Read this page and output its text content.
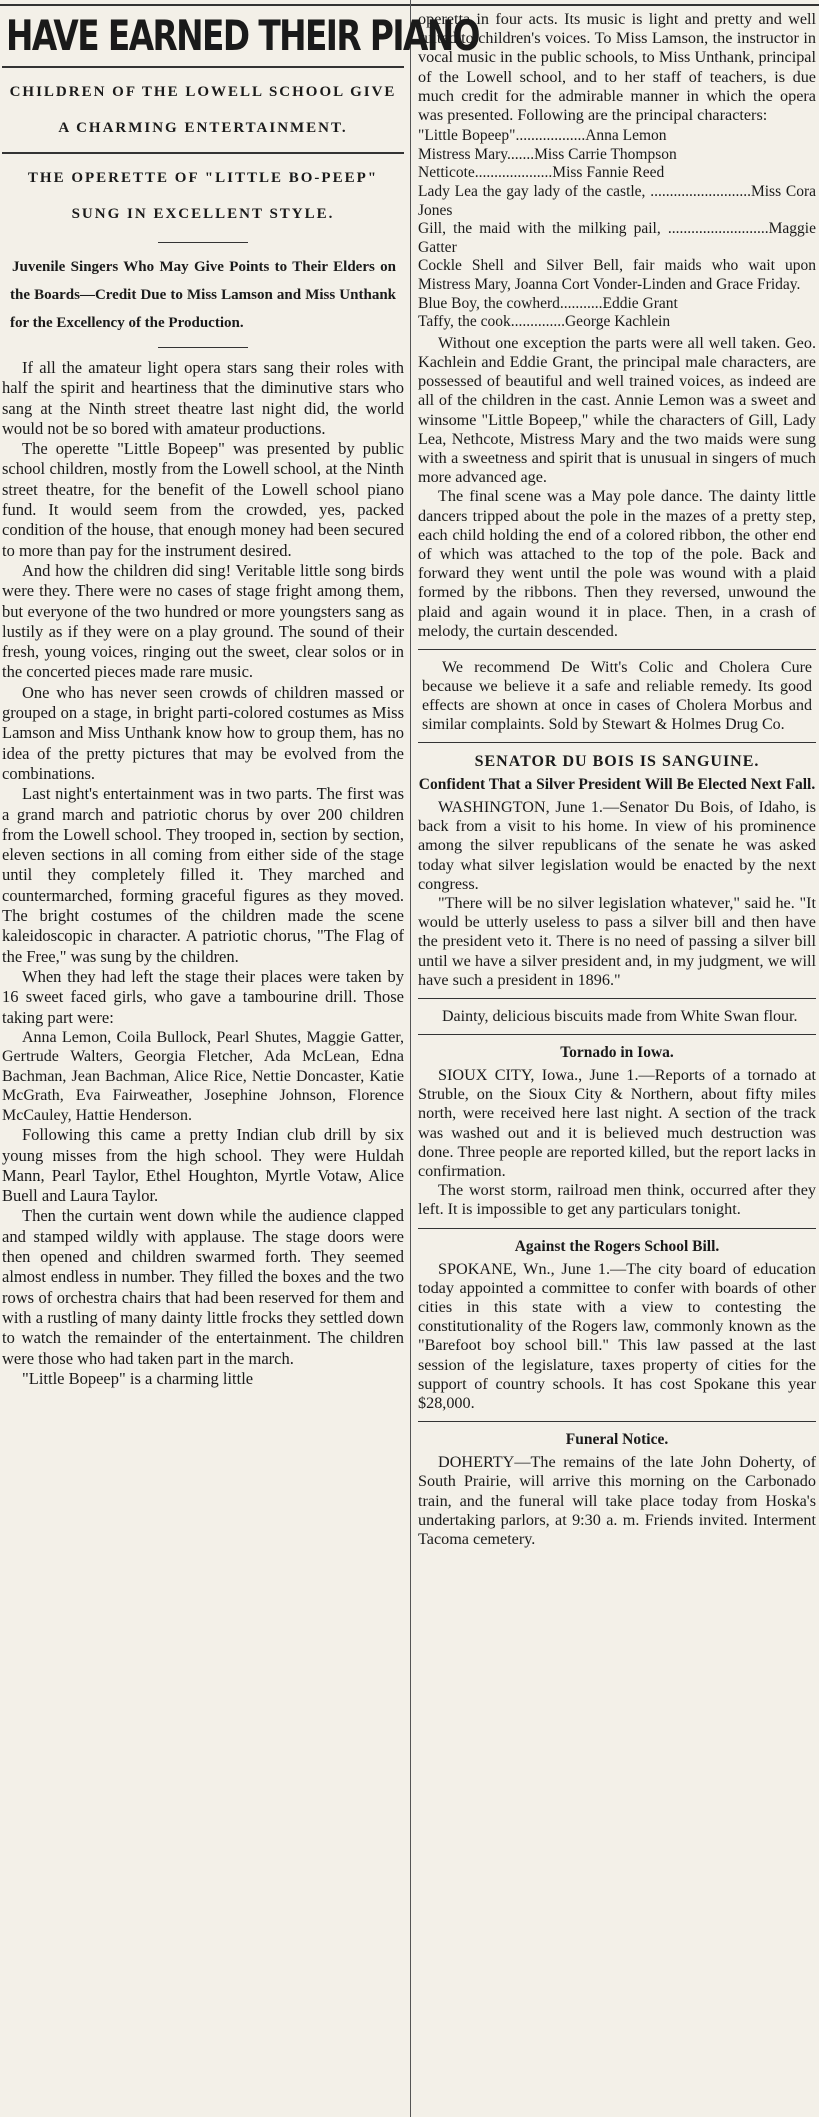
HAVE EARNED THEIR PIANO
CHILDREN OF THE LOWELL SCHOOL GIVE A CHARMING ENTERTAINMENT.
THE OPERETTE OF "LITTLE BO-PEEP" SUNG IN EXCELLENT STYLE.
Juvenile Singers Who May Give Points to Their Elders on the Boards—Credit Due to Miss Lamson and Miss Unthank for the Excellency of the Production.

If all the amateur light opera stars sang their roles with half the spirit and heartiness that the diminutive stars who sang at the Ninth street theatre last night did, the world would not be so bored with amateur productions.

The operette "Little Bopeep" was presented by public school children, mostly from the Lowell school, at the Ninth street theatre, for the benefit of the Lowell school piano fund. It would seem from the crowded, yes, packed condition of the house, that enough money had been secured to more than pay for the instrument desired.

And how the children did sing! Veritable little song birds were they. There were no cases of stage fright among them, but everyone of the two hundred or more youngsters sang as lustily as if they were on a play ground. The sound of their fresh, young voices, ringing out the sweet, clear solos or in the concerted pieces made rare music.

One who has never seen crowds of children massed or grouped on a stage, in bright parti-colored costumes as Miss Lamson and Miss Unthank know how to group them, has no idea of the pretty pictures that may be evolved from the combinations.

Last night's entertainment was in two parts. The first was a grand march and patriotic chorus by over 200 children from the Lowell school. They trooped in, section by section, eleven sections in all coming from either side of the stage until they completely filled it. They marched and countermarched, forming graceful figures as they moved. The bright costumes of the children made the scene kaleidoscopic in character. A patriotic chorus, "The Flag of the Free," was sung by the children.

When they had left the stage their places were taken by 16 sweet faced girls, who gave a tambourine drill. Those taking part were:

Anna Lemon, Coila Bullock, Pearl Shutes, Maggie Gatter, Gertrude Walters, Georgia Fletcher, Ada McLean, Edna Bachman, Jean Bachman, Alice Rice, Nettie Doncaster, Katie McGrath, Eva Fairweather, Josephine Johnson, Florence McCauley, Hattie Henderson.

Following this came a pretty Indian club drill by six young misses from the high school. They were Huldah Mann, Pearl Taylor, Ethel Houghton, Myrtle Votaw, Alice Buell and Laura Taylor.

Then the curtain went down while the audience clapped and stamped wildly with applause. The stage doors were then opened and children swarmed forth. They seemed almost endless in number. They filled the boxes and the two rows of orchestra chairs that had been reserved for them and with a rustling of many dainty little frocks they settled down to watch the remainder of the entertainment. The children were those who had taken part in the march.

"Little Bopeep" is a charming little

operetta in four acts. Its music is light and pretty and well suited to children's voices. To Miss Lamson, the instructor in vocal music in the public schools, to Miss Unthank, principal of the Lowell school, and to her staff of teachers, is due much credit for the admirable manner in which the opera was presented. Following are the principal characters:

"Little Bopeep"..................Anna Lemon
Mistress Mary.......Miss Carrie Thompson
Netticote....................Miss Fannie Reed
Lady Lea the gay lady of the castle, ..........................Miss Cora Jones
Gill, the maid with the milking pail, ..........................Maggie Gatter
Cockle Shell and Silver Bell, fair maids who wait upon Mistress Mary, Joanna Cort Vonder-Linden and Grace Friday.
Blue Boy, the cowherd...........Eddie Grant
Taffy, the cook..............George Kachlein

Without one exception the parts were all well taken. Geo. Kachlein and Eddie Grant, the principal male characters, are possessed of beautiful and well trained voices, as indeed are all of the children in the cast. Annie Lemon was a sweet and winsome "Little Bopeep," while the characters of Gill, Lady Lea, Nethcote, Mistress Mary and the two maids were sung with a sweetness and spirit that is unusual in singers of much more advanced age.

The final scene was a May pole dance. The dainty little dancers tripped about the pole in the mazes of a pretty step, each child holding the end of a colored ribbon, the other end of which was attached to the top of the pole. Back and forward they went until the pole was wound with a plaid formed by the ribbons. Then they reversed, unwound the plaid and again wound it in place. Then, in a crash of melody, the curtain descended.

We recommend De Witt's Colic and Cholera Cure because we believe it a safe and reliable remedy. Its good effects are shown at once in cases of Cholera Morbus and similar complaints. Sold by Stewart & Holmes Drug Co.
SENATOR DU BOIS IS SANGUINE.
Confident That a Silver President Will Be Elected Next Fall.

WASHINGTON, June 1.—Senator Du Bois, of Idaho, is back from a visit to his home. In view of his prominence among the silver republicans of the senate he was asked today what silver legislation would be enacted by the next congress.

"There will be no silver legislation whatever," said he. "It would be utterly useless to pass a silver bill and then have the president veto it. There is no need of passing a silver bill until we have a silver president and, in my judgment, we will have such a president in 1896."

Dainty, delicious biscuits made from White Swan flour.
Tornado in Iowa.

SIOUX CITY, Iowa., June 1.—Reports of a tornado at Struble, on the Sioux City & Northern, about fifty miles north, were received here last night. A section of the track was washed out and it is believed much destruction was done. Three people are reported killed, but the report lacks in confirmation.

The worst storm, railroad men think, occurred after they left. It is impossible to get any particulars tonight.

Against the Rogers School Bill.

SPOKANE, Wn., June 1.—The city board of education today appointed a committee to confer with boards of other cities in this state with a view to contesting the constitutionality of the Rogers law, commonly known as the "Barefoot boy school bill." This law passed at the last session of the legislature, taxes property of cities for the support of country schools. It has cost Spokane this year $28,000.

Funeral Notice.

DOHERTY—The remains of the late John Doherty, of South Prairie, will arrive this morning on the Carbonado train, and the funeral will take place today from Hoska's undertaking parlors, at 9:30 a. m. Friends invited. Interment Tacoma cemetery.
